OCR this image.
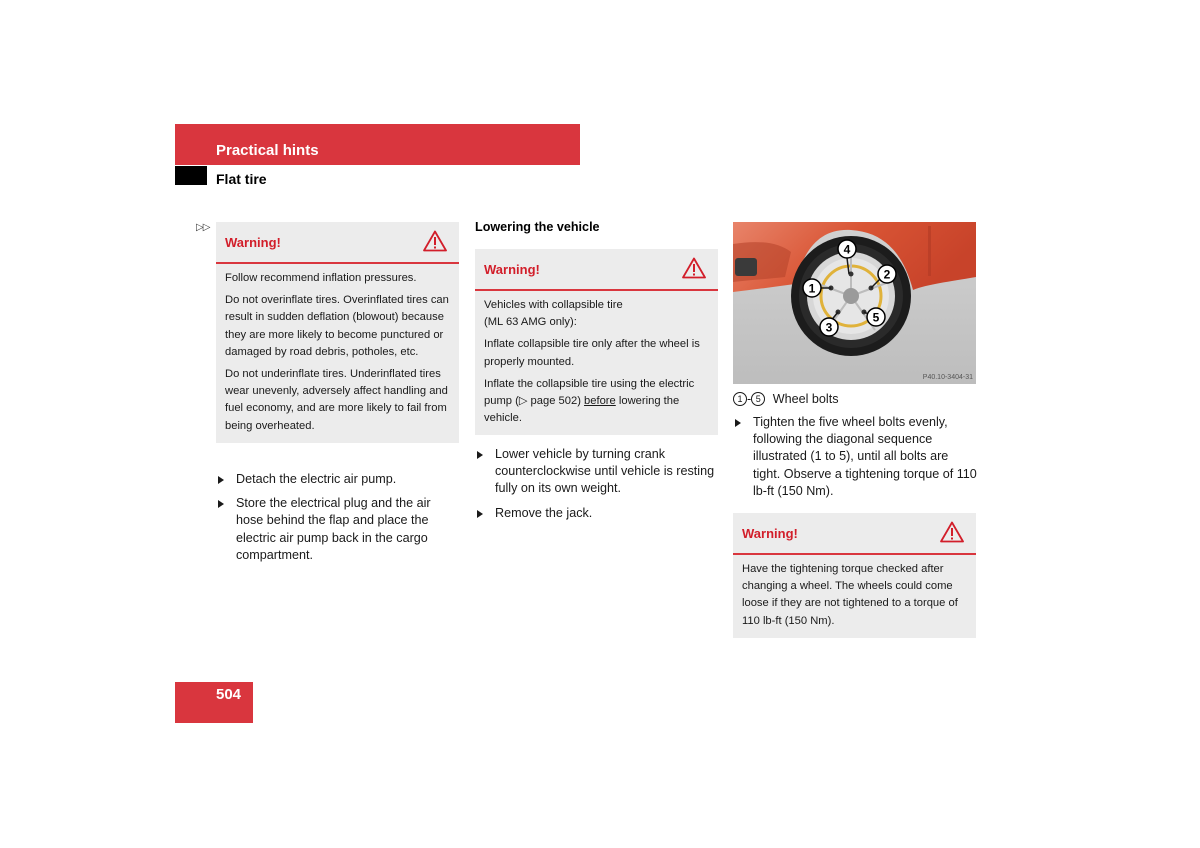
Practical hints
Flat tire
▷▷
Warning!

Follow recommend inflation pressures.

Do not overinflate tires. Overinflated tires can result in sudden deflation (blowout) because they are more likely to become punctured or damaged by road debris, potholes, etc.

Do not underinflate tires. Underinflated tires wear unevenly, adversely affect handling and fuel economy, and are more likely to fail from being overheated.

Detach the electric air pump.
Store the electrical plug and the air hose behind the flap and place the electric air pump back in the cargo compartment.
Lowering the vehicle
Warning!

Vehicles with collapsible tire
(ML 63 AMG only):

Inflate collapsible tire only after the wheel is properly mounted.

Inflate the collapsible tire using the electric pump (▷ page 502) before lowering the vehicle.

Lower vehicle by turning crank counterclockwise until vehicle is resting fully on its own weight.
Remove the jack.
4
2
1
5
3
P40.10-3404-31
1 - 5 Wheel bolts
Tighten the five wheel bolts evenly, following the diagonal sequence illustrated (1 to 5), until all bolts are tight. Observe a tightening torque of 110 lb-ft (150 Nm).
Warning!

Have the tightening torque checked after changing a wheel. The wheels could come loose if they are not tightened to a torque of 110 lb-ft (150 Nm).

504
